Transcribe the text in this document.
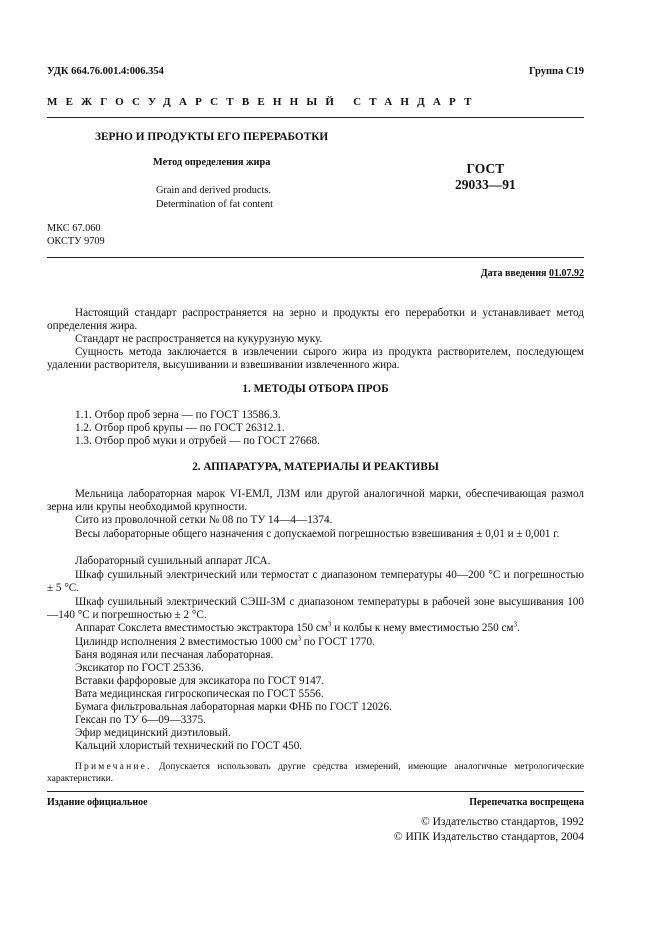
УДК 664.76.001.4:006.354	Группа С19
МЕЖГОСУДАРСТВЕННЫЙ СТАНДАРТ
ЗЕРНО И ПРОДУКТЫ ЕГО ПЕРЕРАБОТКИ
Метод определения жира
Grain and derived products.
Determination of fat content
ГОСТ
29033—91
МКС 67.060
ОКСТУ 9709
Дата введения 01.07.92
Настоящий стандарт распространяется на зерно и продукты его переработки и устанавливает метод определения жира.
Стандарт не распространяется на кукурузную муку.
Сущность метода заключается в извлечении сырого жира из продукта растворителем, последующем удалении растворителя, высушивании и взвешивании извлеченного жира.
1. МЕТОДЫ ОТБОРА ПРОБ
1.1. Отбор проб зерна — по ГОСТ 13586.3.
1.2. Отбор проб крупы — по ГОСТ 26312.1.
1.3. Отбор проб муки и отрубей — по ГОСТ 27668.
2. АППАРАТУРА, МАТЕРИАЛЫ И РЕАКТИВЫ
Мельница лабораторная марок VI-ЕМЛ, ЛЗМ или другой аналогичной марки, обеспечивающая размол зерна или крупы необходимой крупности.
Сито из проволочной сетки № 08 по ТУ 14—4—1374.
Весы лабораторные общего назначения с допускаемой погрешностью взвешивания ± 0,01 и ± 0,001 г.
Лабораторный сушильный аппарат ЛСА.
Шкаф сушильный электрический или термостат с диапазоном температуры 40—200 °С и погрешностью ± 5 °С.
Шкаф сушильный электрический СЭШ-3М с диапазоном температуры в рабочей зоне высушивания 100—140 °С и погрешностью ± 2 °С.
Аппарат Сокслета вместимостью экстрактора 150 $см^3$ и колбы к нему вместимостью 250 $см^3$.
Цилиндр исполнения 2 вместимостью 1000 $см^3$ по ГОСТ 1770.
Баня водяная или песчаная лабораторная.
Эксикатор по ГОСТ 25336.
Вставки фарфоровые для эксикатора по ГОСТ 9147.
Вата медицинская гигроскопическая по ГОСТ 5556.
Бумага фильтровальная лабораторная марки ФНБ по ГОСТ 12026.
Гексан по ТУ 6—09—3375.
Эфир медицинский диэтиловый.
Кальций хлористый технический по ГОСТ 450.
Примечание. Допускается использовать другие средства измерений, имеющие аналогичные метрологические характеристики.
Издание официальное	Перепечатка воспрещена
© Издательство стандартов, 1992
© ИПК Издательство стандартов, 2004
